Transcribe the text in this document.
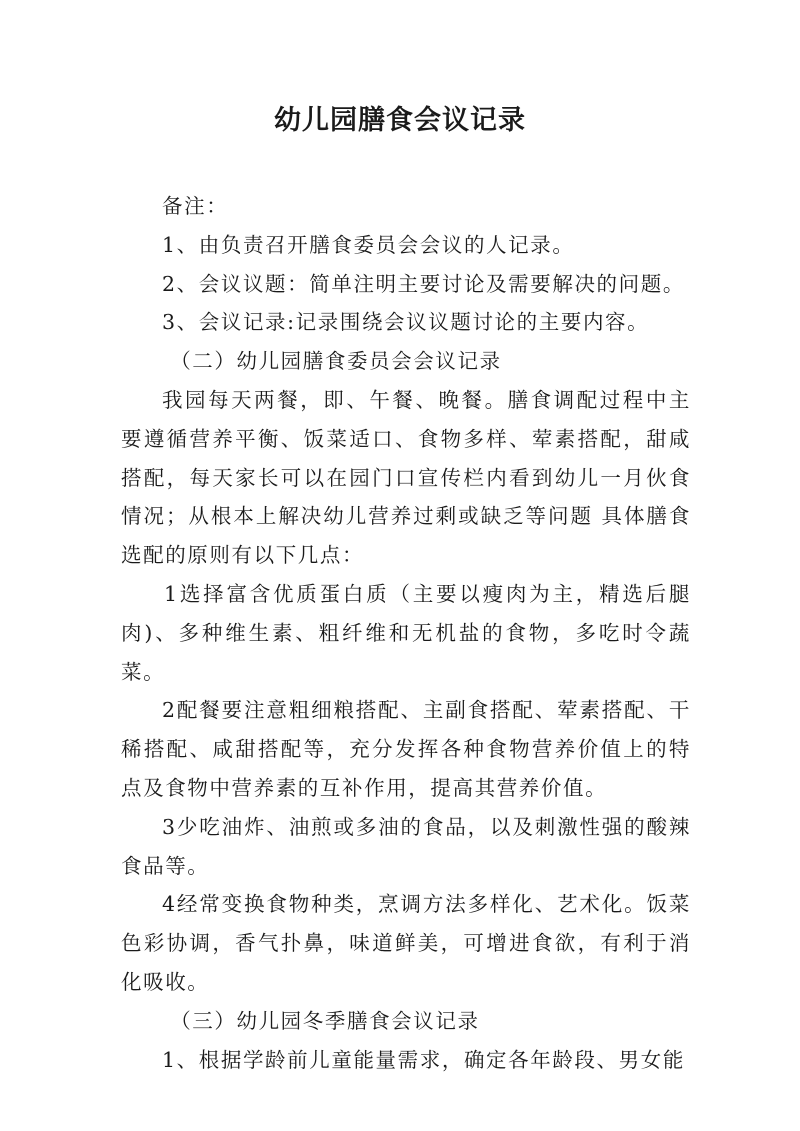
幼儿园膳食会议记录

备注：

1、由负责召开膳食委员会会议的人记录。

2、会议议题：简单注明主要讨论及需要解决的问题。

3、会议记录:记录围绕会议议题讨论的主要内容。

（二）幼儿园膳食委员会会议记录

我园每天两餐，即、午餐、晚餐。膳食调配过程中主要遵循营养平衡、饭菜适口、食物多样、荤素搭配，甜咸搭配，每天家长可以在园门口宣传栏内看到幼儿一月伙食情况；从根本上解决幼儿营养过剩或缺乏等问题 具体膳食选配的原则有以下几点：

1选择富含优质蛋白质（主要以瘦肉为主，精选后腿肉)、多种维生素、粗纤维和无机盐的食物，多吃时令蔬菜。

2配餐要注意粗细粮搭配、主副食搭配、荤素搭配、干稀搭配、咸甜搭配等，充分发挥各种食物营养价值上的特点及食物中营养素的互补作用，提高其营养价值。

3少吃油炸、油煎或多油的食品，以及刺激性强的酸辣食品等。

4经常变换食物种类，烹调方法多样化、艺术化。饭菜色彩协调，香气扑鼻，味道鲜美，可增进食欲，有利于消化吸收。

（三）幼儿园冬季膳食会议记录

1、根据学龄前儿童能量需求，确定各年龄段、男女能
